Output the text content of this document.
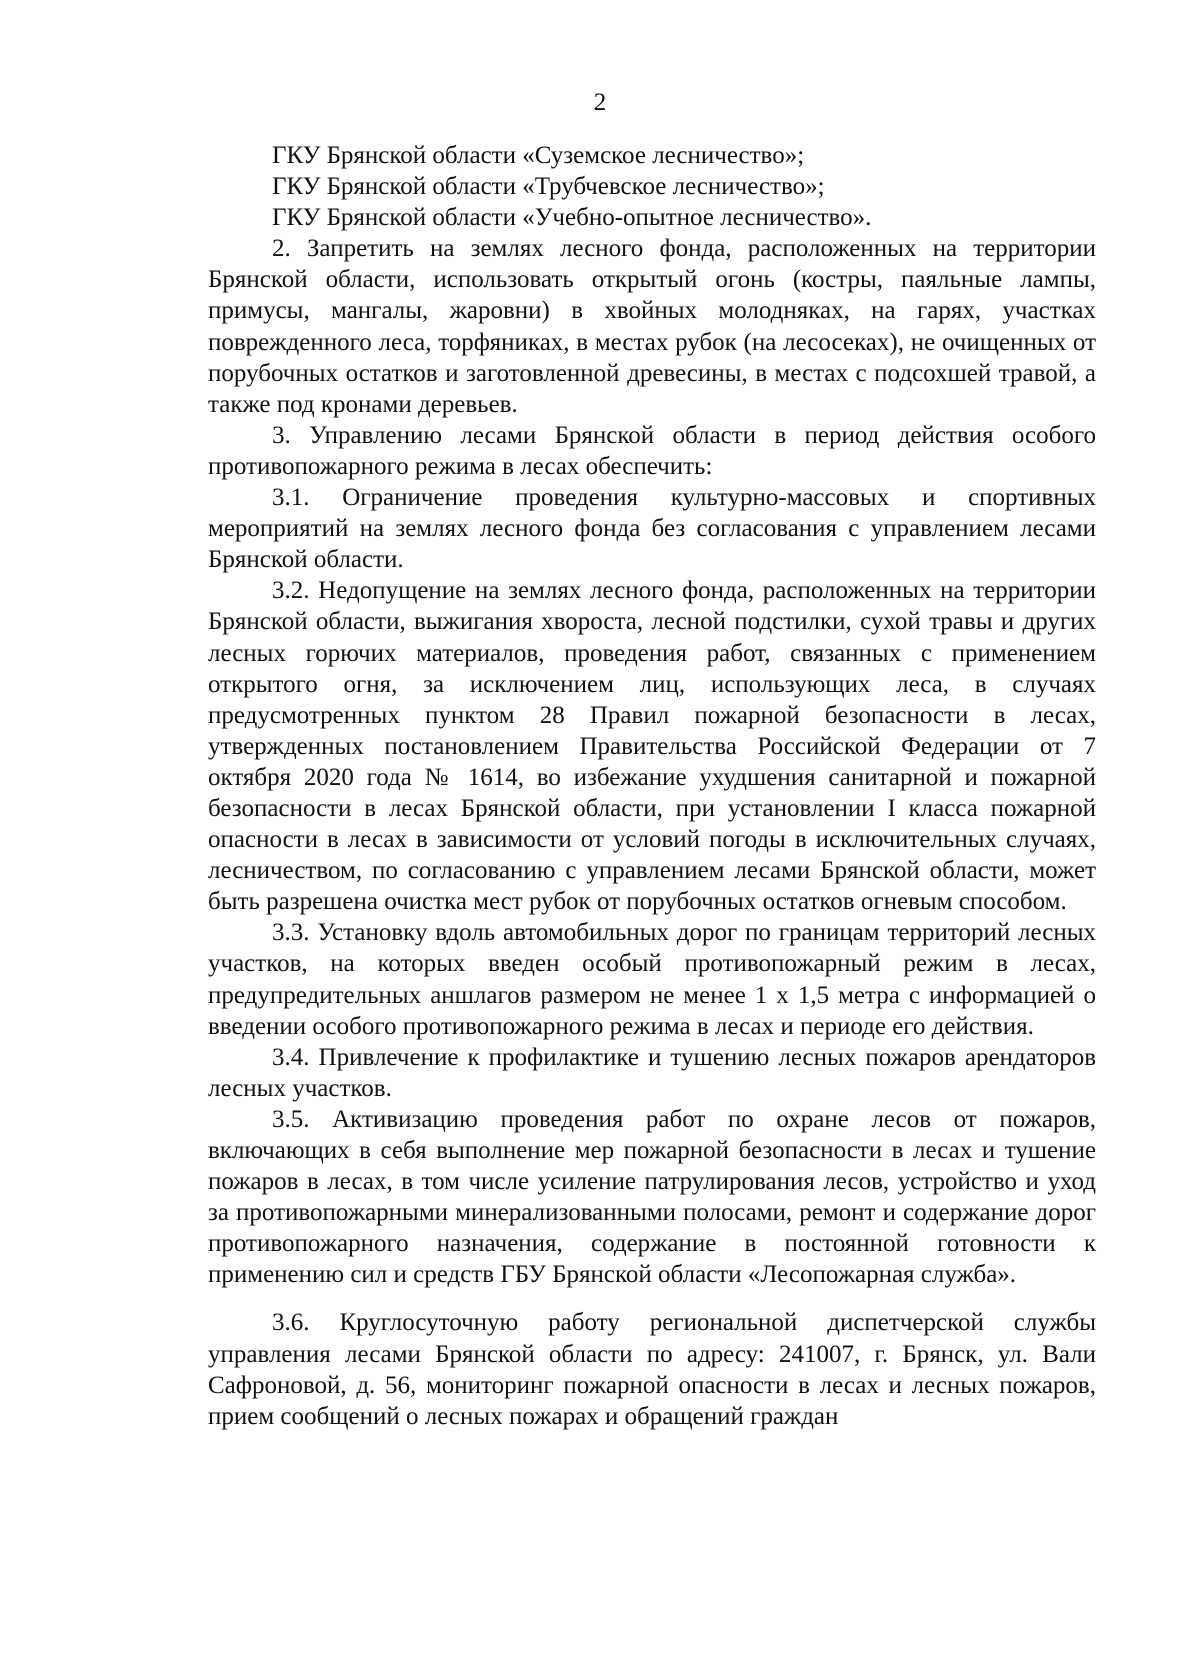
2

ГКУ Брянской области «Суземское лесничество»;

ГКУ Брянской области «Трубчевское лесничество»;

ГКУ Брянской области «Учебно-опытное лесничество».

2. Запретить на землях лесного фонда, расположенных на территории Брянской области, использовать открытый огонь (костры, паяльные лампы, примусы, мангалы, жаровни) в хвойных молодняках, на гарях, участках поврежденного леса, торфяниках, в местах рубок (на лесосеках), не очищенных от порубочных остатков и заготовленной древесины, в местах с подсохшей травой, а также под кронами деревьев.

3. Управлению лесами Брянской области в период действия особого противопожарного режима в лесах обеспечить:

3.1. Ограничение проведения культурно-массовых и спортивных мероприятий на землях лесного фонда без согласования с управлением лесами Брянской области.

3.2. Недопущение на землях лесного фонда, расположенных на территории Брянской области, выжигания хвороста, лесной подстилки, сухой травы и других лесных горючих материалов, проведения работ, связанных с применением открытого огня, за исключением лиц, использующих леса, в случаях предусмотренных пунктом 28 Правил пожарной безопасности в лесах, утвержденных постановлением Правительства Российской Федерации от 7 октября 2020 года № 1614, во избежание ухудшения санитарной и пожарной безопасности в лесах Брянской области, при установлении I класса пожарной опасности в лесах в зависимости от условий погоды в исключительных случаях, лесничеством, по согласованию с управлением лесами Брянской области, может быть разрешена очистка мест рубок от порубочных остатков огневым способом.

3.3. Установку вдоль автомобильных дорог по границам территорий лесных участков, на которых введен особый противопожарный режим в лесах, предупредительных аншлагов размером не менее 1 х 1,5 метра с информацией о введении особого противопожарного режима в лесах и периоде его действия.

3.4. Привлечение к профилактике и тушению лесных пожаров арендаторов лесных участков.

3.5. Активизацию проведения работ по охране лесов от пожаров, включающих в себя выполнение мер пожарной безопасности в лесах и тушение пожаров в лесах, в том числе усиление патрулирования лесов, устройство и уход за противопожарными минерализованными полосами, ремонт и содержание дорог противопожарного назначения, содержание в постоянной готовности к применению сил и средств ГБУ Брянской области «Лесопожарная служба».

3.6. Круглосуточную работу региональной диспетчерской службы управления лесами Брянской области по адресу: 241007, г. Брянск, ул. Вали Сафроновой, д. 56, мониторинг пожарной опасности в лесах и лесных пожаров, прием сообщений о лесных пожарах и обращений граждан
